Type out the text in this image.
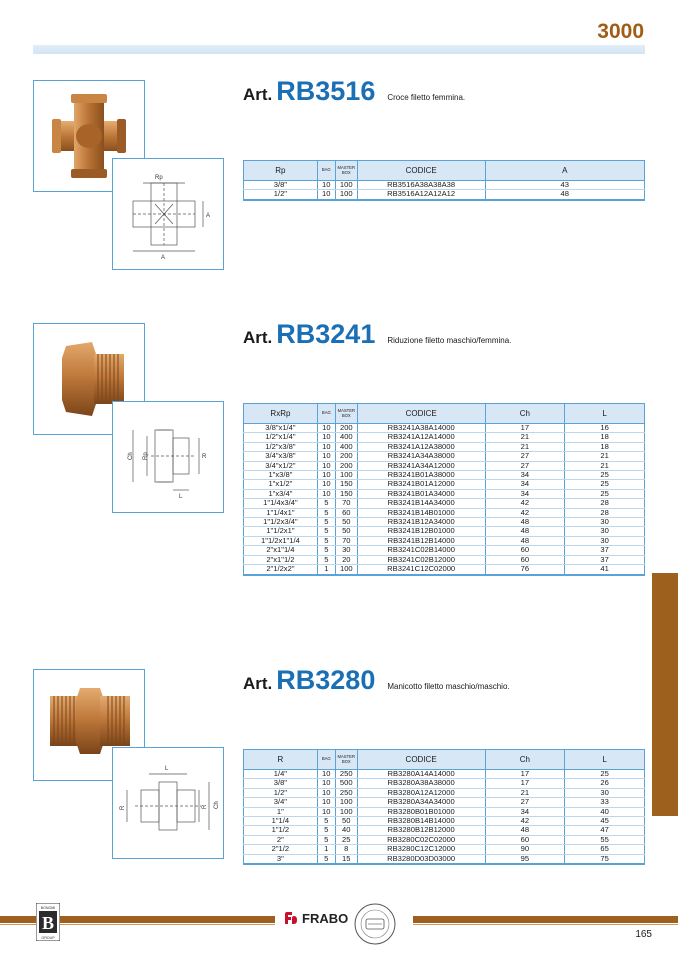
3000
Rp
A
A
Art. RB3516 Croce filetto femmina.
Rp	BAG	MASTER BOX	CODICE	A
3/8"	10	100	RB3516A38A38A38	43
1/2"	10	100	RB3516A12A12A12	48
Ch Rp	R
L
Art. RB3241 Riduzione filetto maschio/femmina.
RxRp	BAG	MASTER BOX	CODICE	Ch	L
3/8"x1/4"	10	200	RB3241A38A14000	17	16
1/2"x1/4"	10	400	RB3241A12A14000	21	18
1/2"x3/8"	10	400	RB3241A12A38000	21	18
3/4"x3/8"	10	200	RB3241A34A38000	27	21
3/4"x1/2"	10	200	RB3241A34A12000	27	21
1"x3/8"	10	100	RB3241B01A38000	34	25
1"x1/2"	10	150	RB3241B01A12000	34	25
1"x3/4"	10	150	RB3241B01A34000	34	25
1"1/4x3/4"	5	70	RB3241B14A34000	42	28
1"1/4x1"	5	60	RB3241B14B01000	42	28
1"1/2x3/4"	5	50	RB3241B12A34000	48	30
1"1/2x1"	5	50	RB3241B12B01000	48	30
1"1/2x1"1/4	5	70	RB3241B12B14000	48	30
2"x1"1/4	5	30	RB3241C02B14000	60	37
2"x1"1/2	5	20	RB3241C02B12000	60	37
2"1/2x2"	1	100	RB3241C12C02000	76	41
L
R	R Ch
Art. RB3280 Manicotto filetto maschio/maschio.
R	BAG	MASTER BOX	CODICE	Ch	L
1/4"	10	250	RB3280A14A14000	17	25
3/8"	10	500	RB3280A38A38000	17	26
1/2"	10	250	RB3280A12A12000	21	30
3/4"	10	100	RB3280A34A34000	27	33
1"	10	100	RB3280B01B01000	34	40
1"1/4	5	50	RB3280B14B14000	42	45
1"1/2	5	40	RB3280B12B12000	48	47
2"	5	25	RB3280C02C02000	60	55
2"1/2	1	8	RB3280C12C12000	90	65
3"	5	15	RB3280D03D03000	95	75
BONOMI
B
GROUP
FRABO
165
